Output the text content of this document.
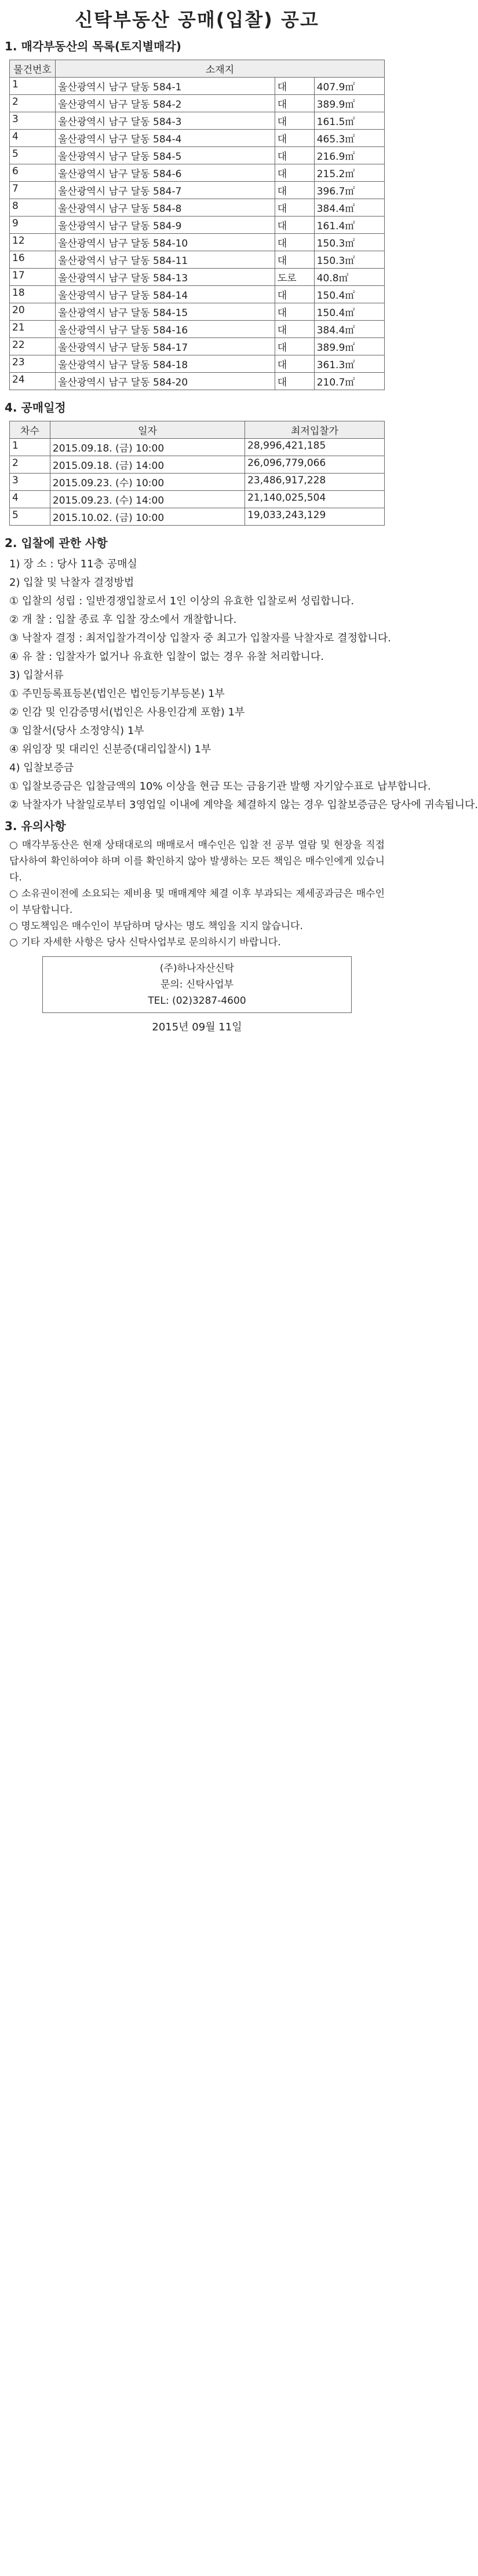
신탁부동산 공매(입찰) 공고
1. 매각부동산의 목록(토지별매각)
물건번호	소재지		
1	울산광역시 남구 달동 584-1	대	407.9㎡
2	울산광역시 남구 달동 584-2	대	389.9㎡
3	울산광역시 남구 달동 584-3	대	161.5㎡
4	울산광역시 남구 달동 584-4	대	465.3㎡
5	울산광역시 남구 달동 584-5	대	216.9㎡
6	울산광역시 남구 달동 584-6	대	215.2㎡
7	울산광역시 남구 달동 584-7	대	396.7㎡
8	울산광역시 남구 달동 584-8	대	384.4㎡
9	울산광역시 남구 달동 584-9	대	161.4㎡
12	울산광역시 남구 달동 584-10	대	150.3㎡
16	울산광역시 남구 달동 584-11	대	150.3㎡
17	울산광역시 남구 달동 584-13	도로	40.8㎡
18	울산광역시 남구 달동 584-14	대	150.4㎡
20	울산광역시 남구 달동 584-15	대	150.4㎡
21	울산광역시 남구 달동 584-16	대	384.4㎡
22	울산광역시 남구 달동 584-17	대	389.9㎡
23	울산광역시 남구 달동 584-18	대	361.3㎡
24	울산광역시 남구 달동 584-20	대	210.7㎡
4. 공매일정
차수	일자	최저입찰가
1	2015.09.18. (금) 10:00	28,996,421,185
2	2015.09.18. (금) 14:00	26,096,779,066
3	2015.09.23. (수) 10:00	23,486,917,228
4	2015.09.23. (수) 14:00	21,140,025,504
5	2015.10.02. (금) 10:00	19,033,243,129
2. 입찰에 관한 사항
1) 장 소 : 당사 11층 공매실
2) 입찰 및 낙찰자 결정방법
① 입찰의 성립 : 일반경쟁입찰로서 1인 이상의 유효한 입찰로써 성립합니다.
② 개 찰 : 입찰 종료 후 입찰 장소에서 개찰합니다.
③ 낙찰자 결정 : 최저입찰가격이상 입찰자 중 최고가 입찰자를 낙찰자로 결정합니다.
④ 유 찰 : 입찰자가 없거나 유효한 입찰이 없는 경우 유찰 처리합니다.
3) 입찰서류
① 주민등록표등본(법인은 법인등기부등본) 1부
② 인감 및 인감증명서(법인은 사용인감계 포함) 1부
③ 입찰서(당사 소정양식) 1부
④ 위임장 및 대리인 신분증(대리입찰시) 1부
4) 입찰보증금
① 입찰보증금은 입찰금액의 10% 이상을 현금 또는 금융기관 발행 자기앞수표로 납부합니다.
② 낙찰자가 낙찰일로부터 3영업일 이내에 계약을 체결하지 않는 경우 입찰보증금은 당사에 귀속됩니다.
3. 유의사항
○ 매각부동산은 현재 상태대로의 매매로서 매수인은 입찰 전 공부 열람 및 현장을 직접 답사하여 확인하여야 하며 이를 확인하지 않아 발생하는 모든 책임은 매수인에게 있습니다.
○ 소유권이전에 소요되는 제비용 및 매매계약 체결 이후 부과되는 제세공과금은 매수인이 부담합니다.
○ 명도책임은 매수인이 부담하며 당사는 명도 책임을 지지 않습니다.
○ 기타 자세한 사항은 당사 신탁사업부로 문의하시기 바랍니다.
(주)하나자산신탁
문의: 신탁사업부
TEL: (02)3287-4600
2015년 09월 11일
